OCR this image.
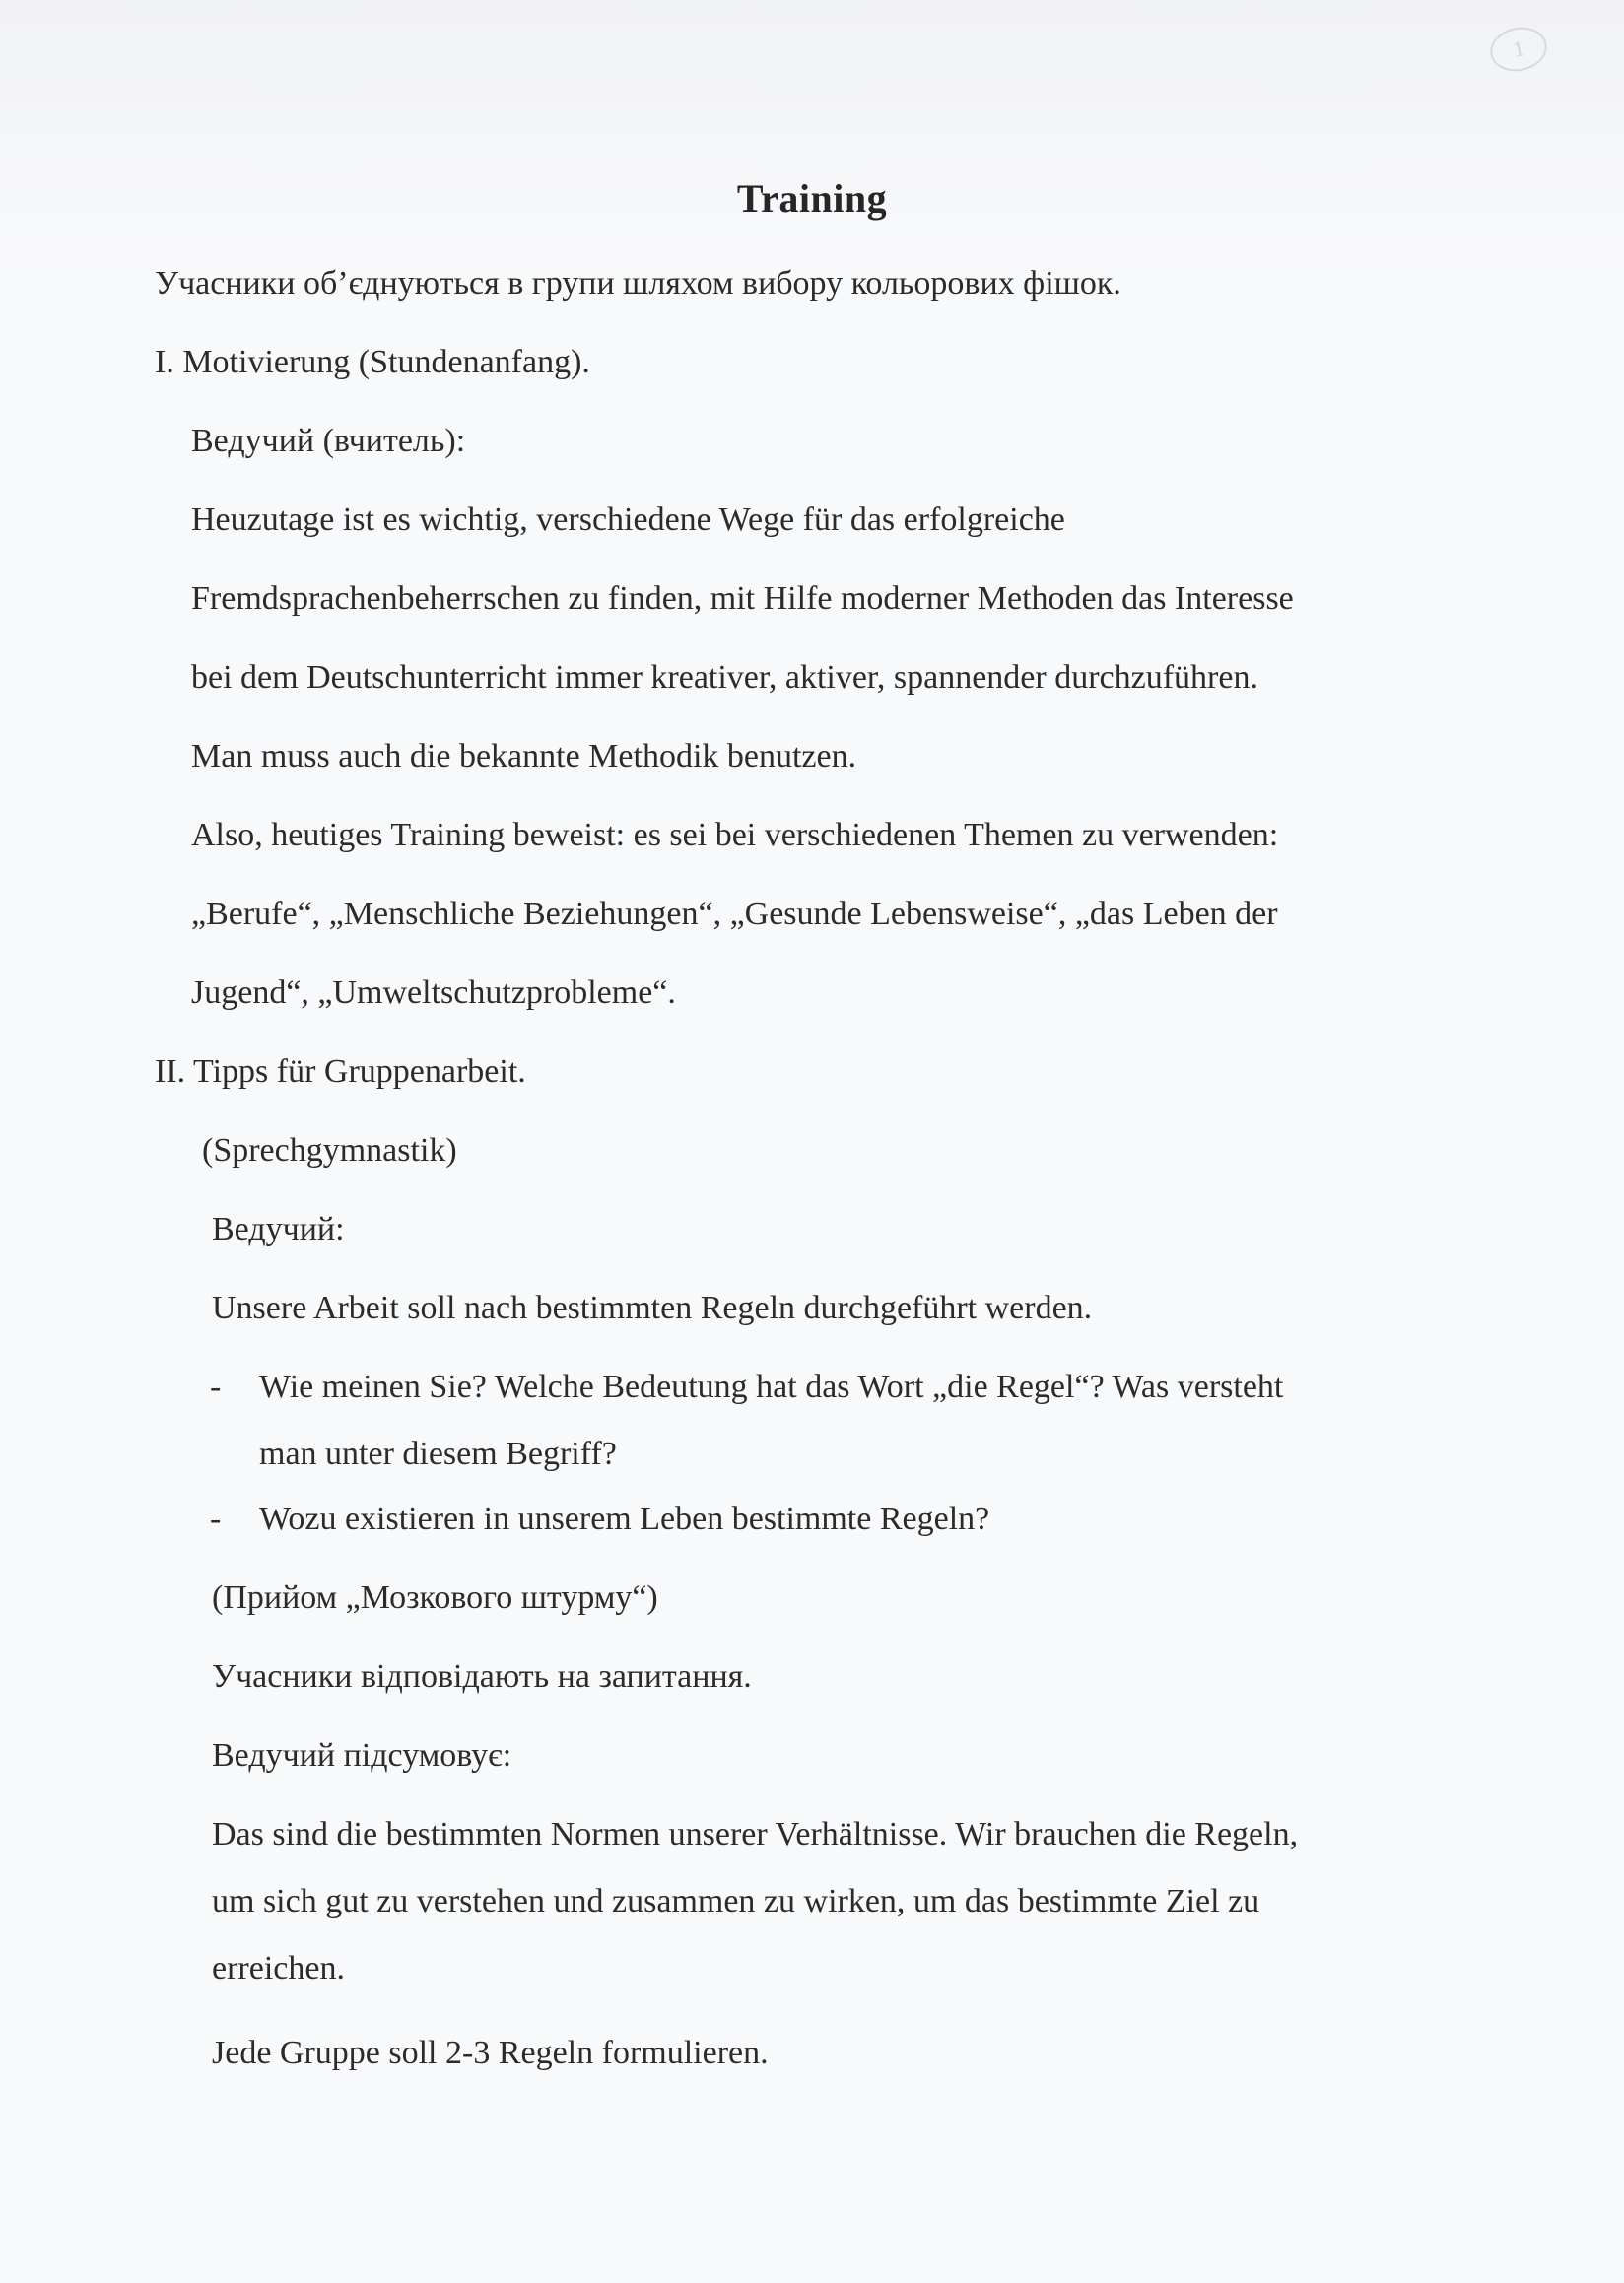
1
Training
Учасники об’єднуються в групи шляхом вибору кольорових фішок.
I. Motivierung (Stundenanfang).
Ведучий (вчитель):
Heuzutage ist es wichtig, verschiedene Wege für das erfolgreiche
Fremdsprachenbeherrschen zu finden, mit Hilfe moderner Methoden das Interesse
bei dem Deutschunterricht immer kreativer, aktiver, spannender durchzuführen.
Man muss auch die bekannte Methodik benutzen.
Also, heutiges Training beweist: es sei bei verschiedenen Themen zu verwenden:
„Berufe“, „Menschliche Beziehungen“, „Gesunde Lebensweise“, „das Leben der
Jugend“, „Umweltschutzprobleme“.
II. Tipps für Gruppenarbeit.
(Sprechgymnastik)
Ведучий:
Unsere Arbeit soll nach bestimmten Regeln durchgeführt werden.
- Wie meinen Sie? Welche Bedeutung hat das Wort „die Regel“? Was versteht
man unter diesem Begriff?
- Wozu existieren in unserem Leben bestimmte Regeln?
(Прийом „Мозкового штурму“)
Учасники відповідають на запитання.
Ведучий підсумовує:
Das sind die bestimmten Normen unserer Verhältnisse. Wir brauchen die Regeln,
um sich gut zu verstehen und zusammen zu wirken, um das bestimmte Ziel zu
erreichen.
Jede Gruppe soll 2-3 Regeln formulieren.
